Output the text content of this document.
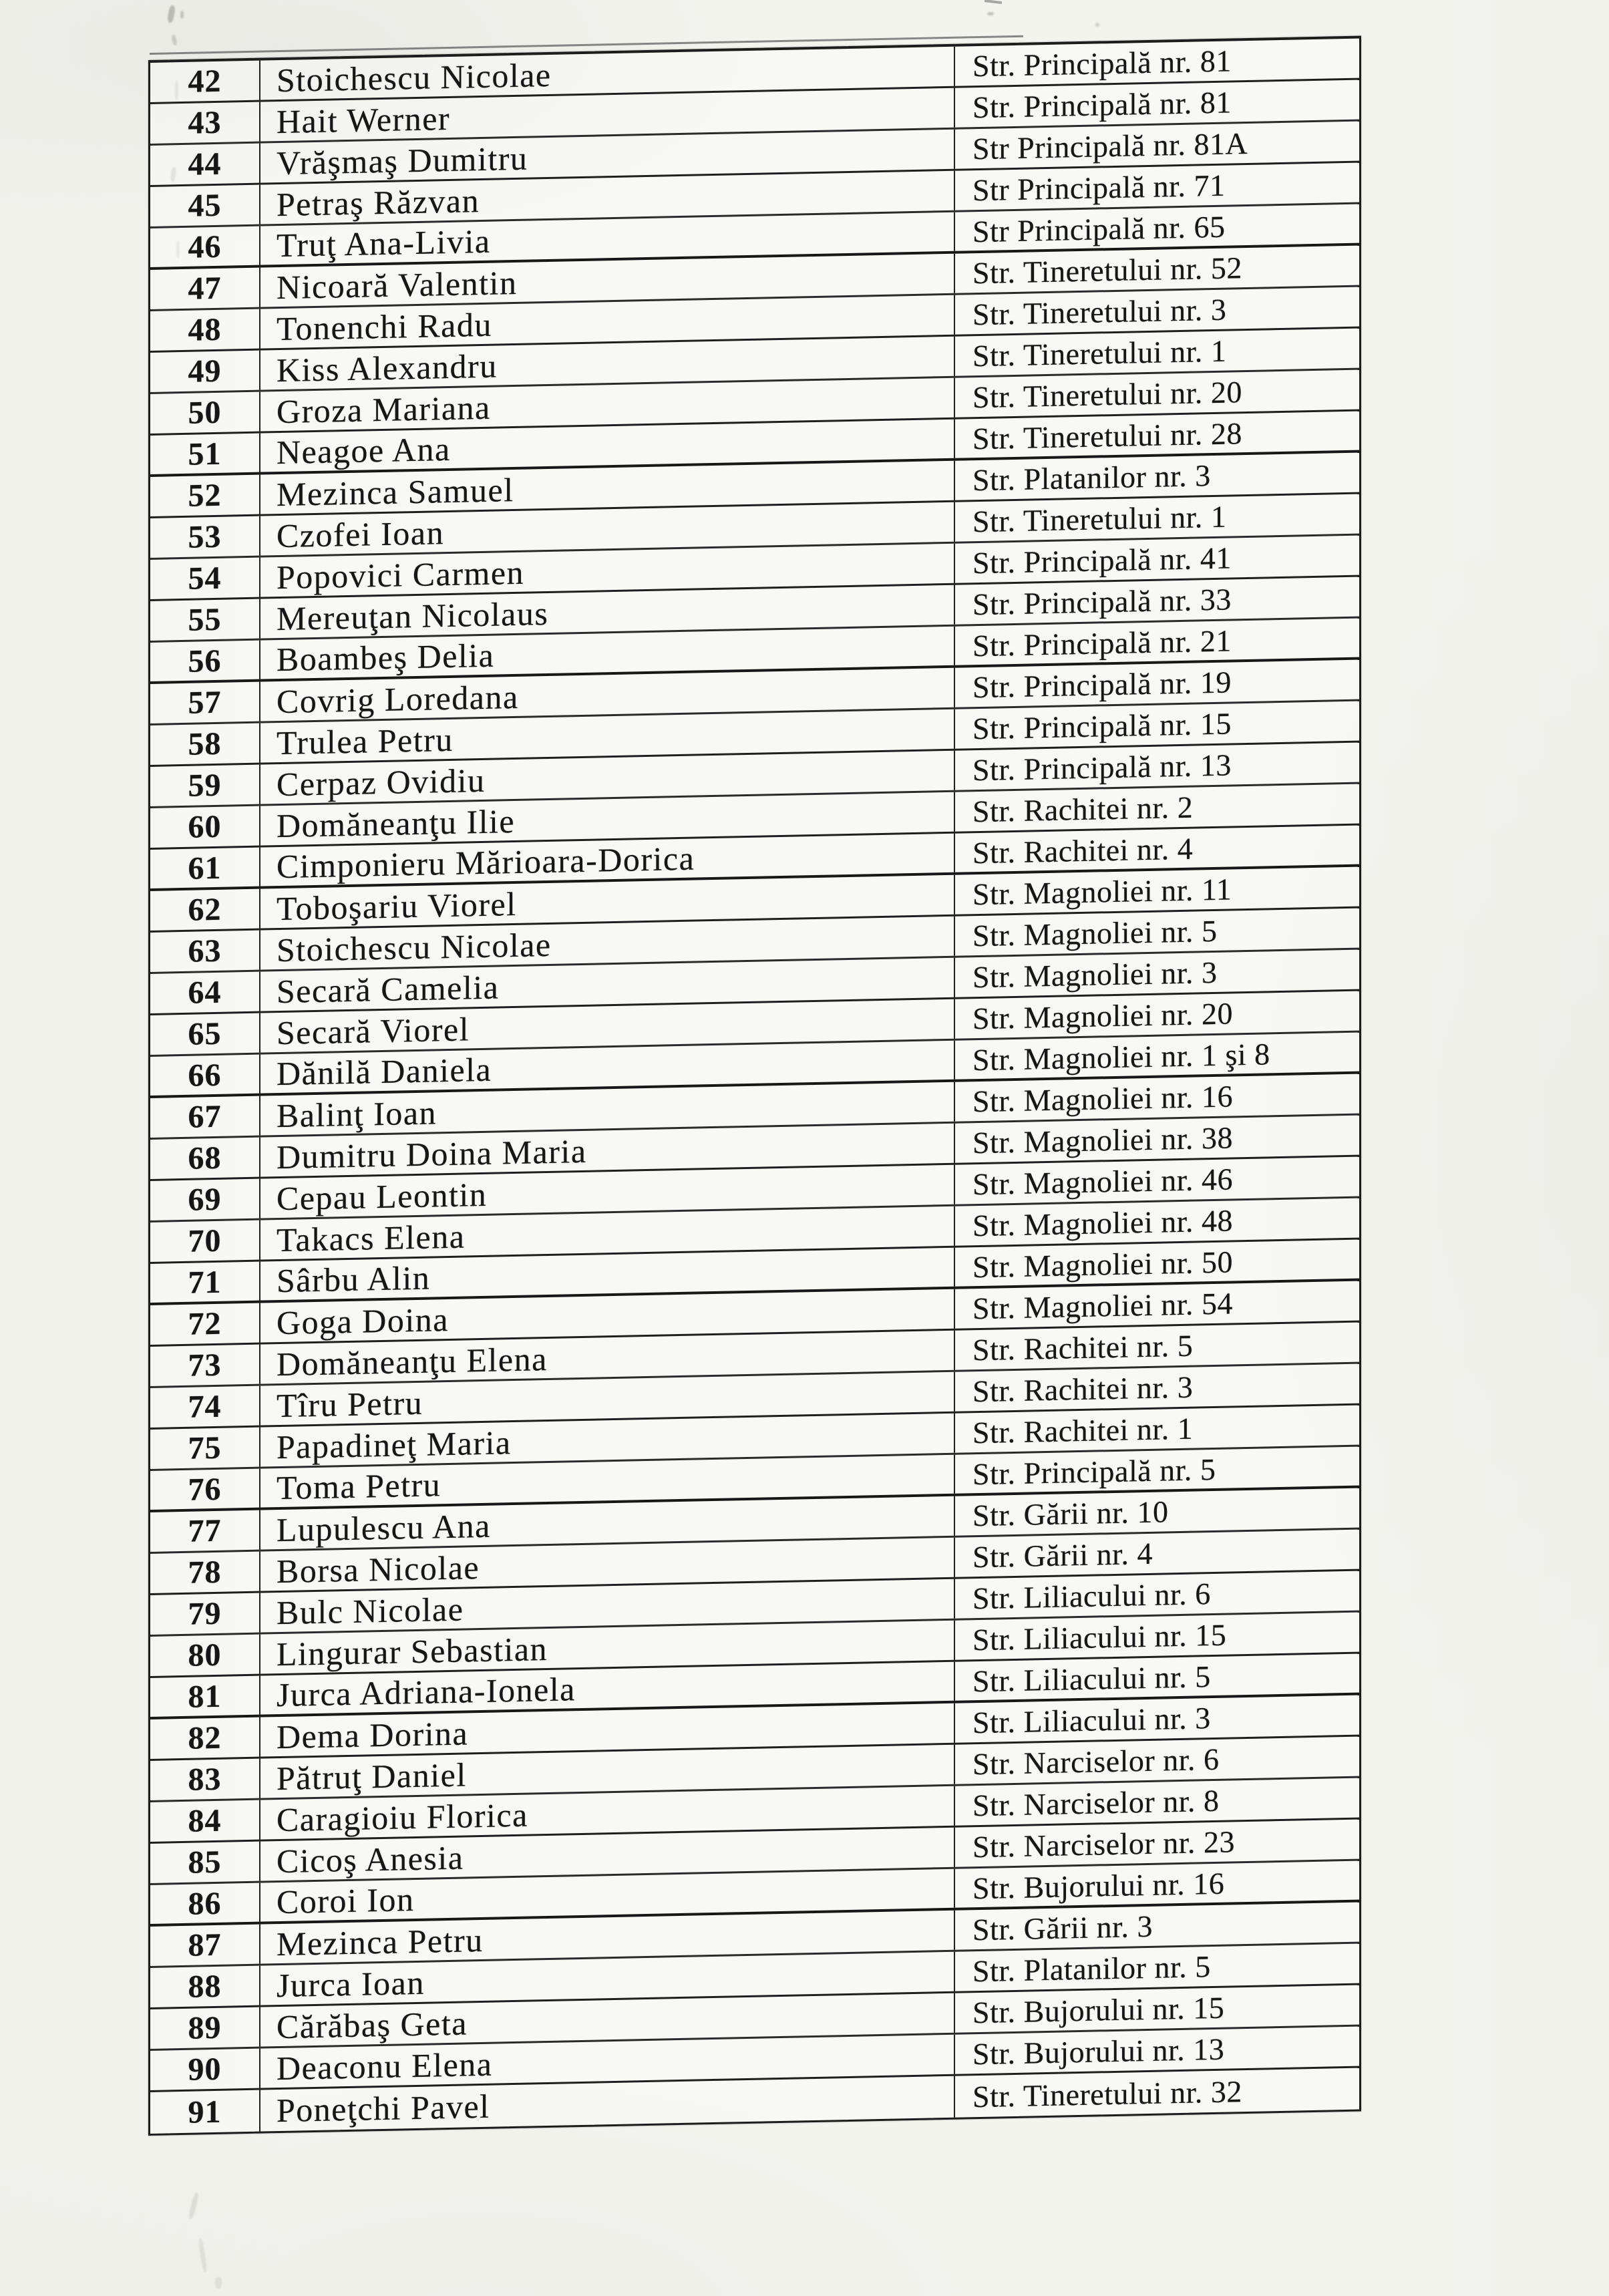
42	Stoichescu Nicolae	Str. Principală nr. 81
43	Hait Werner	Str. Principală nr. 81
44	Vrăşmaş Dumitru	Str Principală nr. 81A
45	Petraş Răzvan	Str Principală nr. 71
46	Truţ Ana-Livia	Str Principală nr. 65
47	Nicoară Valentin	Str. Tineretului nr. 52
48	Tonenchi Radu	Str. Tineretului nr. 3
49	Kiss Alexandru	Str. Tineretului nr. 1
50	Groza Mariana	Str. Tineretului nr. 20
51	Neagoe Ana	Str. Tineretului nr. 28
52	Mezinca Samuel	Str. Platanilor nr. 3
53	Czofei Ioan	Str. Tineretului nr. 1
54	Popovici Carmen	Str. Principală nr. 41
55	Mereuţan Nicolaus	Str. Principală nr. 33
56	Boambeş Delia	Str. Principală nr. 21
57	Covrig Loredana	Str. Principală nr. 19
58	Trulea Petru	Str. Principală nr. 15
59	Cerpaz Ovidiu	Str. Principală nr. 13
60	Domăneanţu Ilie	Str. Rachitei nr. 2
61	Cimponieru Mărioara-Dorica	Str. Rachitei nr. 4
62	Toboşariu Viorel	Str. Magnoliei nr. 11
63	Stoichescu Nicolae	Str. Magnoliei nr. 5
64	Secară Camelia	Str. Magnoliei nr. 3
65	Secară Viorel	Str. Magnoliei nr. 20
66	Dănilă Daniela	Str. Magnoliei nr. 1 şi 8
67	Balinţ Ioan	Str. Magnoliei nr. 16
68	Dumitru Doina Maria	Str. Magnoliei nr. 38
69	Cepau Leontin	Str. Magnoliei nr. 46
70	Takacs Elena	Str. Magnoliei nr. 48
71	Sârbu Alin	Str. Magnoliei nr. 50
72	Goga Doina	Str. Magnoliei nr. 54
73	Domăneanţu Elena	Str. Rachitei nr. 5
74	Tîru Petru	Str. Rachitei nr. 3
75	Papadineţ Maria	Str. Rachitei nr. 1
76	Toma Petru	Str. Principală nr. 5
77	Lupulescu Ana	Str. Gării nr. 10
78	Borsa Nicolae	Str. Gării nr. 4
79	Bulc Nicolae	Str. Liliacului nr. 6
80	Lingurar Sebastian	Str. Liliacului nr. 15
81	Jurca Adriana-Ionela	Str. Liliacului nr. 5
82	Dema Dorina	Str. Liliacului nr. 3
83	Pătruţ Daniel	Str. Narciselor nr. 6
84	Caragioiu Florica	Str. Narciselor nr. 8
85	Cicoş Anesia	Str. Narciselor nr. 23
86	Coroi Ion	Str. Bujorului nr. 16
87	Mezinca Petru	Str. Gării nr. 3
88	Jurca Ioan	Str. Platanilor nr. 5
89	Cărăbaş Geta	Str. Bujorului nr. 15
90	Deaconu Elena	Str. Bujorului nr. 13
91	Poneţchi Pavel	Str. Tineretului nr. 32
